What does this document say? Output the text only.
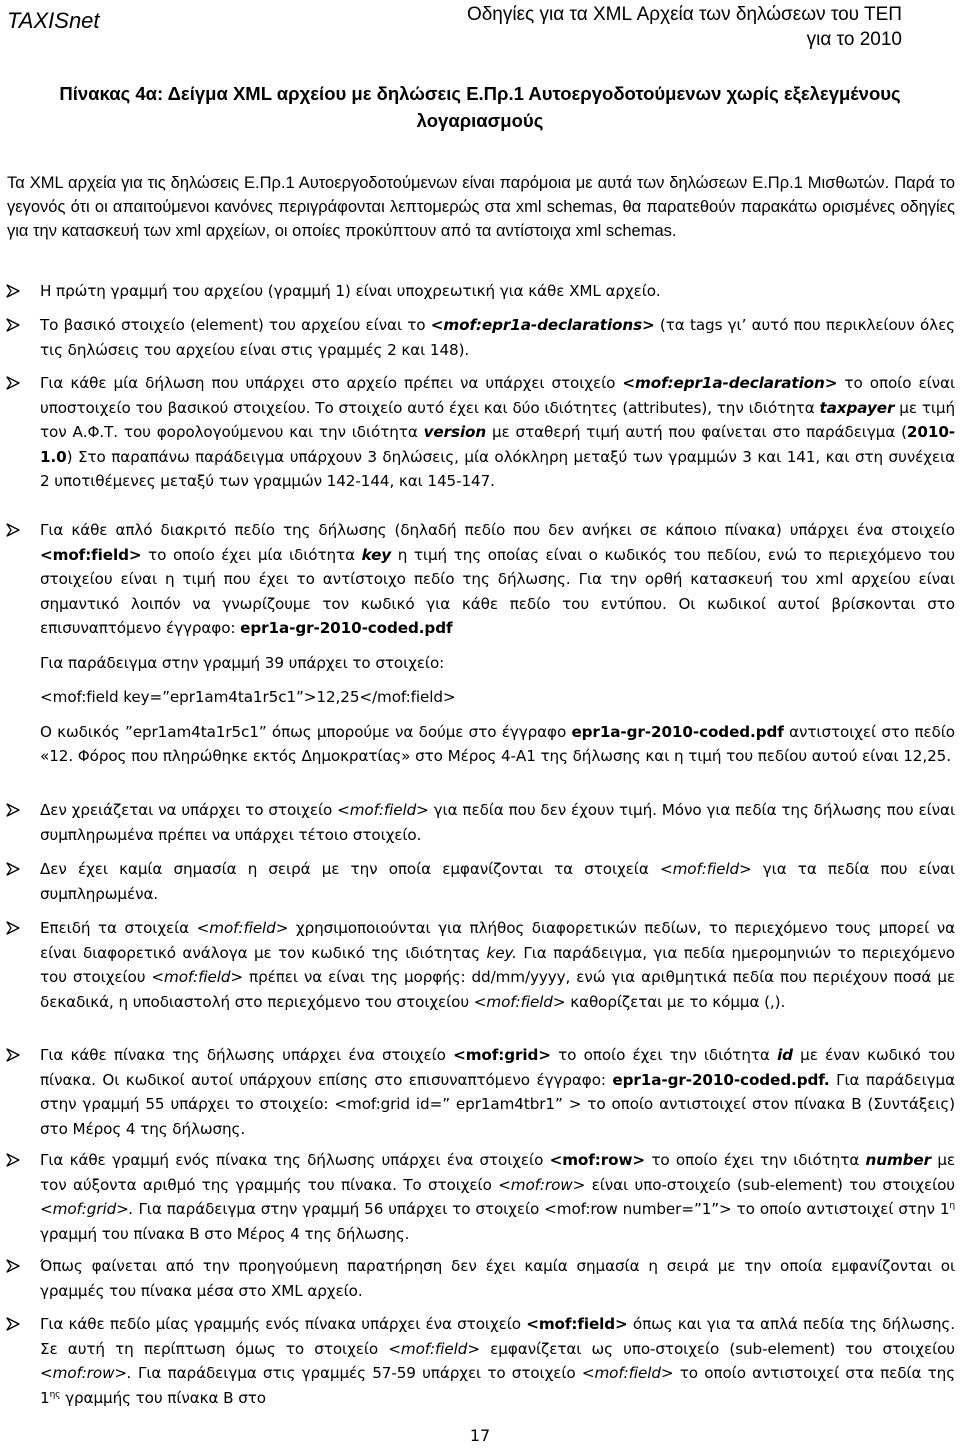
TAXISnet	Οδηγίες για τα XML Αρχεία των δηλώσεων του ΤΕΠ
για το 2010
Πίνακας 4α: Δείγμα XML αρχείου με δηλώσεις Ε.Πρ.1 Αυτοεργοδοτούμενων χωρίς εξελεγμένους
λογαριασμούς
Τα XML αρχεία για τις δηλώσεις Ε.Πρ.1 Αυτοεργοδοτούμενων είναι παρόμοια με αυτά των δηλώσεων Ε.Πρ.1 Μισθωτών. Παρά το γεγονός ότι οι απαιτούμενοι κανόνες περιγράφονται λεπτομερώς στα xml schemas, θα παρατεθούν παρακάτω ορισμένες οδηγίες για την κατασκευή των xml αρχείων, οι οποίες προκύπτουν από τα αντίστοιχα xml schemas.
Η πρώτη γραμμή του αρχείου (γραμμή 1) είναι υποχρεωτική για κάθε XML αρχείο.
Το βασικό στοιχείο (element) του αρχείου είναι το <mof:epr1a-declarations> (τα tags γι’ αυτό που περικλείουν όλες τις δηλώσεις του αρχείου είναι στις γραμμές 2 και 148).
Για κάθε μία δήλωση που υπάρχει στο αρχείο πρέπει να υπάρχει στοιχείο <mof:epr1a-declaration> το οποίο είναι υποστοιχείο του βασικού στοιχείου. Το στοιχείο αυτό έχει και δύο ιδιότητες (attributes), την ιδιότητα taxpayer με τιμή τον Α.Φ.Τ. του φορολογούμενου και την ιδιότητα version με σταθερή τιμή αυτή που φαίνεται στο παράδειγμα (2010-1.0) Στο παραπάνω παράδειγμα υπάρχουν 3 δηλώσεις, μία ολόκληρη μεταξύ των γραμμών 3 και 141, και στη συνέχεια 2 υποτιθέμενες μεταξύ των γραμμών 142-144, και 145-147.

Για κάθε απλό διακριτό πεδίο της δήλωσης (δηλαδή πεδίο που δεν ανήκει σε κάποιο πίνακα) υπάρχει ένα στοιχείο <mof:field> το οποίο έχει μία ιδιότητα key η τιμή της οποίας είναι ο κωδικός του πεδίου, ενώ το περιεχόμενο του στοιχείου είναι η τιμή που έχει το αντίστοιχο πεδίο της δήλωσης. Για την ορθή κατασκευή του xml αρχείου είναι σημαντικό λοιπόν να γνωρίζουμε τον κωδικό για κάθε πεδίο του εντύπου. Οι κωδικοί αυτοί βρίσκονται στο επισυναπτόμενο έγγραφο: epr1a-gr-2010-coded.pdf

Για παράδειγμα στην γραμμή 39 υπάρχει το στοιχείο:

<mof:field key=”epr1am4ta1r5c1”>12,25</mof:field>

Ο κωδικός ”epr1am4ta1r5c1” όπως μπορούμε να δούμε στο έγγραφο epr1a-gr-2010-coded.pdf αντιστοιχεί στο πεδίο «12. Φόρος που πληρώθηκε εκτός Δημοκρατίας» στο Μέρος 4-Α1 της δήλωσης και η τιμή του πεδίου αυτού είναι 12,25.

Δεν χρειάζεται να υπάρχει το στοιχείο <mof:field> για πεδία που δεν έχουν τιμή. Μόνο για πεδία της δήλωσης που είναι συμπληρωμένα πρέπει να υπάρχει τέτοιο στοιχείο.
Δεν έχει καμία σημασία η σειρά με την οποία εμφανίζονται τα στοιχεία <mof:field> για τα πεδία που είναι συμπληρωμένα.
Επειδή τα στοιχεία <mof:field> χρησιμοποιούνται για πλήθος διαφορετικών πεδίων, το περιεχόμενο τους μπορεί να είναι διαφορετικό ανάλογα με τον κωδικό της ιδιότητας key. Για παράδειγμα, για πεδία ημερομηνιών το περιεχόμενο του στοιχείου <mof:field> πρέπει να είναι της μορφής: dd/mm/yyyy, ενώ για αριθμητικά πεδία που περιέχουν ποσά με δεκαδικά, η υποδιαστολή στο περιεχόμενο του στοιχείου <mof:field> καθορίζεται με το κόμμα (,).
Για κάθε πίνακα της δήλωσης υπάρχει ένα στοιχείο <mof:grid> το οποίο έχει την ιδιότητα id με έναν κωδικό του πίνακα. Οι κωδικοί αυτοί υπάρχουν επίσης στο επισυναπτόμενο έγγραφο: epr1a-gr-2010-coded.pdf. Για παράδειγμα στην γραμμή 55 υπάρχει το στοιχείο: <mof:grid id=” epr1am4tbr1” > το οποίο αντιστοιχεί στον πίνακα Β (Συντάξεις) στο Μέρος 4 της δήλωσης.
Για κάθε γραμμή ενός πίνακα της δήλωσης υπάρχει ένα στοιχείο <mof:row> το οποίο έχει την ιδιότητα number με τον αύξοντα αριθμό της γραμμής του πίνακα. Το στοιχείο <mof:row> είναι υπο-στοιχείο (sub-element) του στοιχείου <mof:grid>. Για παράδειγμα στην γραμμή 56 υπάρχει το στοιχείο <mof:row number=”1”> το οποίο αντιστοιχεί στην $1^\eta$ γραμμή του πίνακα Β στο Μέρος 4 της δήλωσης.
Όπως φαίνεται από την προηγούμενη παρατήρηση δεν έχει καμία σημασία η σειρά με την οποία εμφανίζονται οι γραμμές του πίνακα μέσα στο XML αρχείο.
Για κάθε πεδίο μίας γραμμής ενός πίνακα υπάρχει ένα στοιχείο <mof:field> όπως και για τα απλά πεδία της δήλωσης. Σε αυτή τη περίπτωση όμως το στοιχείο <mof:field> εμφανίζεται ως υπο-στοιχείο (sub-element) του στοιχείου <mof:row>. Για παράδειγμα στις γραμμές 57-59 υπάρχει το στοιχείο <mof:field> το οποίο αντιστοιχεί στα πεδία της $1^{\eta\varsigma}$ γραμμής του πίνακα Β στο
17
